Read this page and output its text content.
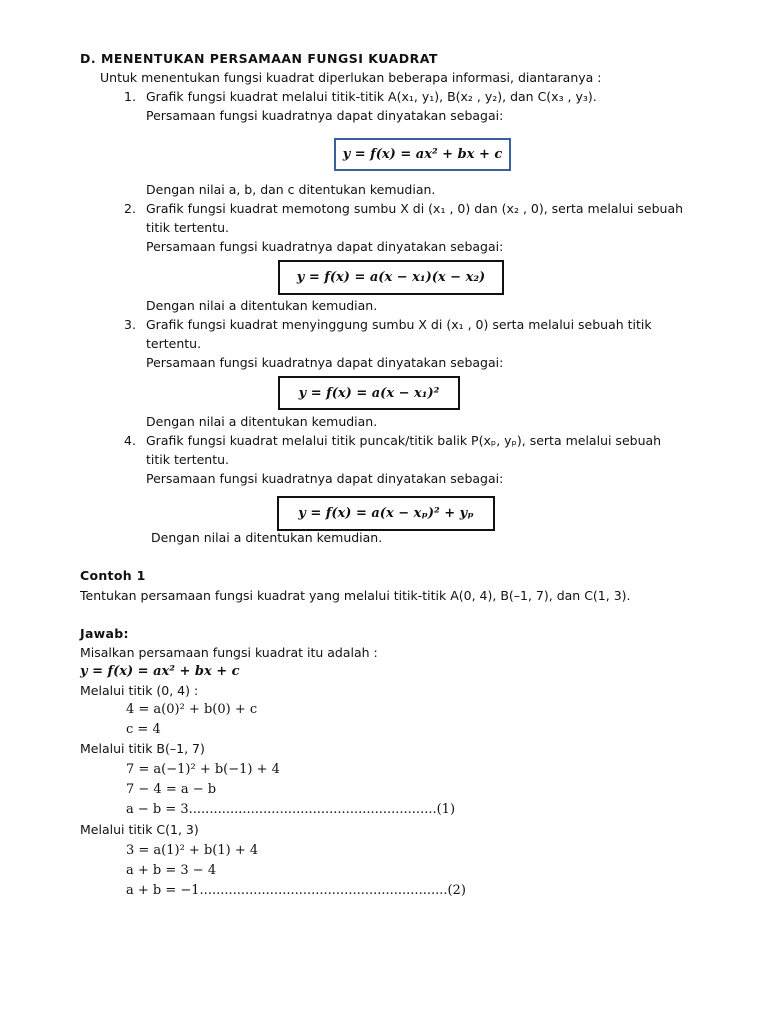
D. MENENTUKAN PERSAMAAN FUNGSI KUADRAT
Untuk menentukan fungsi kuadrat diperlukan beberapa informasi, diantaranya :
1. Grafik fungsi kuadrat melalui titik-titik A(x₁, y₁), B(x₂ , y₂), dan C(x₃ , y₃).
Persamaan fungsi kuadratnya dapat dinyatakan sebagai:
y = f(x) = ax² + bx + c
Dengan nilai a, b, dan c ditentukan kemudian.
2. Grafik fungsi kuadrat memotong sumbu X di (x₁ , 0) dan (x₂ , 0), serta melalui sebuah
titik tertentu.
Persamaan fungsi kuadratnya dapat dinyatakan sebagai:
y = f(x) = a(x − x₁)(x − x₂)
Dengan nilai a ditentukan kemudian.
3. Grafik fungsi kuadrat menyinggung sumbu X di (x₁ , 0) serta melalui sebuah titik
tertentu.
Persamaan fungsi kuadratnya dapat dinyatakan sebagai:
y = f(x) = a(x − x₁)²
Dengan nilai a ditentukan kemudian.
4. Grafik fungsi kuadrat melalui titik puncak/titik balik P(xₚ, yₚ), serta melalui sebuah
titik tertentu.
Persamaan fungsi kuadratnya dapat dinyatakan sebagai:
y = f(x) = a(x − xₚ)² + yₚ
Dengan nilai a ditentukan kemudian.
Contoh 1
Tentukan persamaan fungsi kuadrat yang melalui titik-titik A(0, 4), B(–1, 7), dan C(1, 3).
Jawab:
Misalkan persamaan fungsi kuadrat itu adalah :
y = f(x) = ax² + bx + c
Melalui titik (0, 4) :
4 = a(0)² + b(0) + c
c = 4
Melalui titik B(–1, 7)
7 = a(−1)² + b(−1) + 4
7 − 4 = a − b
a − b = 3............................................................(1)
Melalui titik C(1, 3)
3 = a(1)² + b(1) + 4
a + b = 3 − 4
a + b = −1............................................................(2)
